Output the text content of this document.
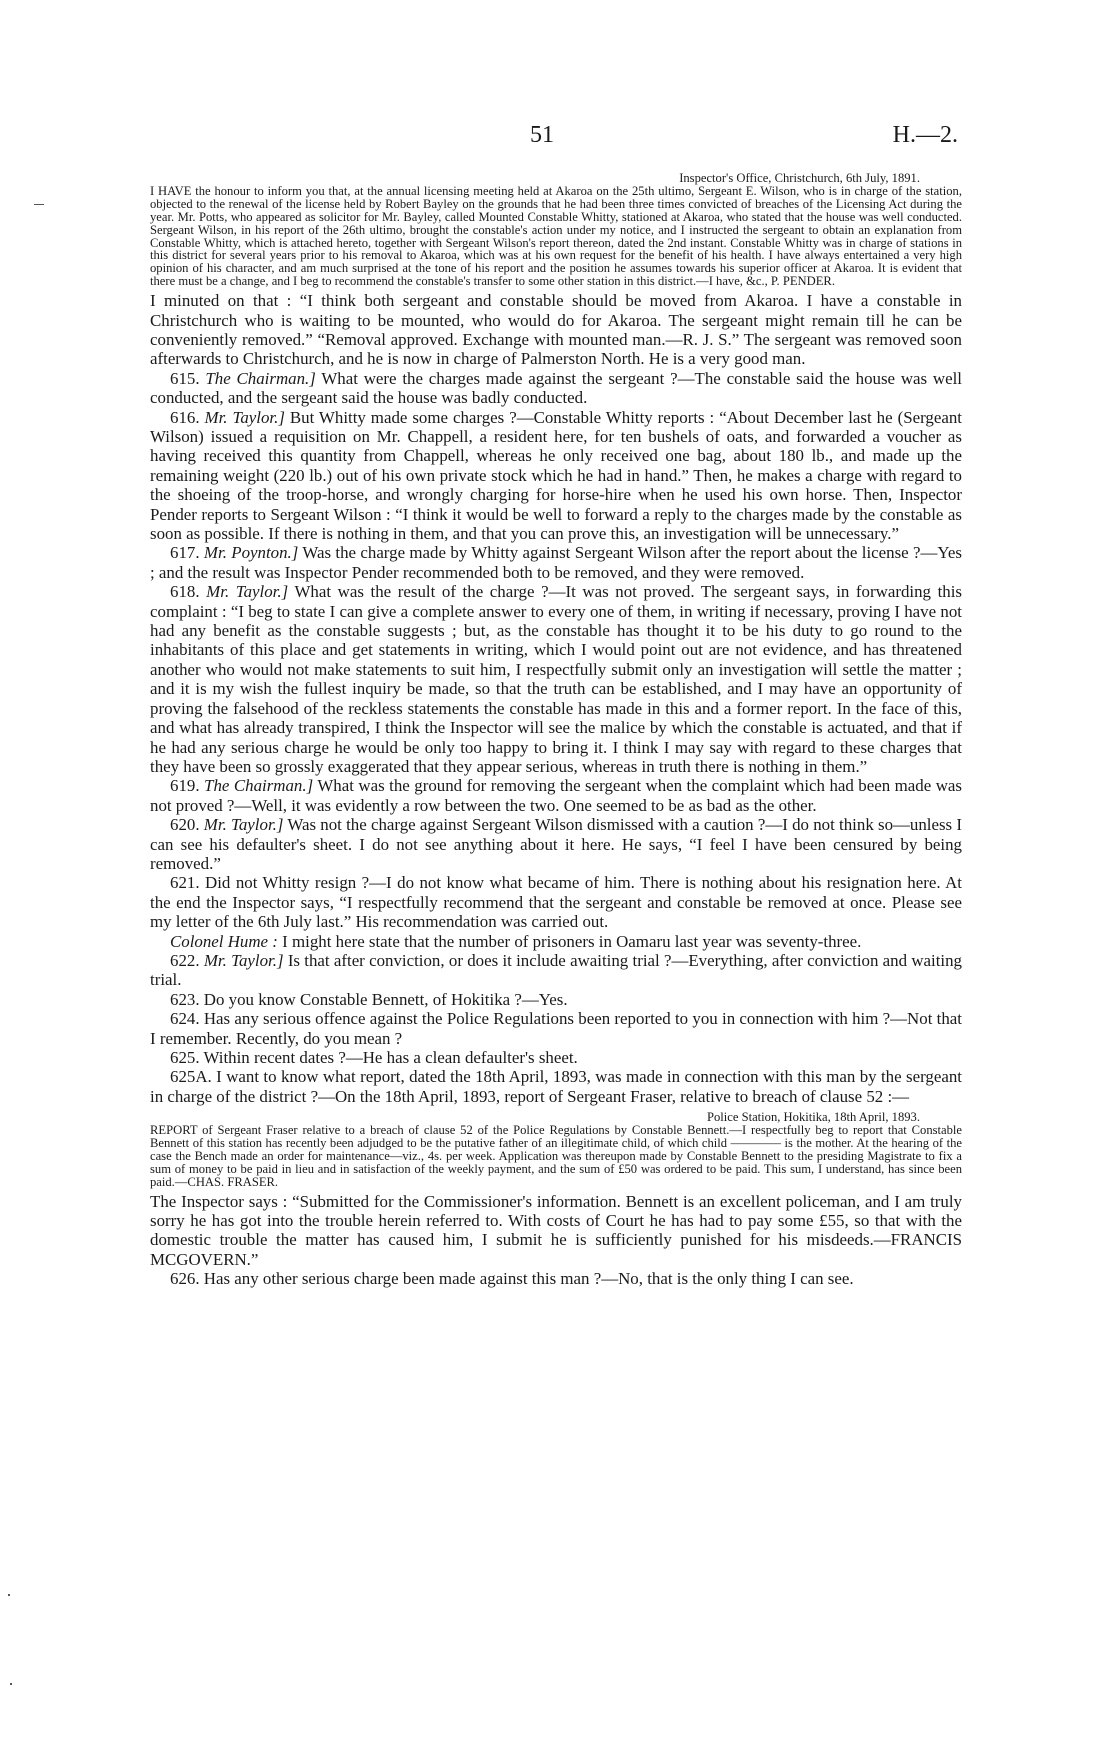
51	H.—2.
Inspector's Office, Christchurch, 6th July, 1891.
I HAVE the honour to inform you that, at the annual licensing meeting held at Akaroa on the 25th ultimo, Sergeant E. Wilson, who is in charge of the station, objected to the renewal of the license held by Robert Bayley on the grounds that he had been three times convicted of breaches of the Licensing Act during the year. Mr. Potts, who appeared as solicitor for Mr. Bayley, called Mounted Constable Whitty, stationed at Akaroa, who stated that the house was well conducted. Sergeant Wilson, in his report of the 26th ultimo, brought the constable's action under my notice, and I instructed the sergeant to obtain an explanation from Constable Whitty, which is attached hereto, together with Sergeant Wilson's report thereon, dated the 2nd instant. Constable Whitty was in charge of stations in this district for several years prior to his removal to Akaroa, which was at his own request for the benefit of his health. I have always entertained a very high opinion of his character, and am much surprised at the tone of his report and the position he assumes towards his superior officer at Akaroa. It is evident that there must be a change, and I beg to recommend the constable's transfer to some other station in this district.—I have, &c., P. PENDER.

I minuted on that : “I think both sergeant and constable should be moved from Akaroa. I have a constable in Christchurch who is waiting to be mounted, who would do for Akaroa. The sergeant might remain till he can be conveniently removed.” “Removal approved. Exchange with mounted man.—R. J. S.” The sergeant was removed soon afterwards to Christchurch, and he is now in charge of Palmerston North. He is a very good man.

615. The Chairman.] What were the charges made against the sergeant ?—The constable said the house was well conducted, and the sergeant said the house was badly conducted.

616. Mr. Taylor.] But Whitty made some charges ?—Constable Whitty reports : “About December last he (Sergeant Wilson) issued a requisition on Mr. Chappell, a resident here, for ten bushels of oats, and forwarded a voucher as having received this quantity from Chappell, whereas he only received one bag, about 180 lb., and made up the remaining weight (220 lb.) out of his own private stock which he had in hand.” Then, he makes a charge with regard to the shoeing of the troop-horse, and wrongly charging for horse-hire when he used his own horse. Then, Inspector Pender reports to Sergeant Wilson : “I think it would be well to forward a reply to the charges made by the constable as soon as possible. If there is nothing in them, and that you can prove this, an investigation will be unnecessary.”

617. Mr. Poynton.] Was the charge made by Whitty against Sergeant Wilson after the report about the license ?—Yes ; and the result was Inspector Pender recommended both to be removed, and they were removed.

618. Mr. Taylor.] What was the result of the charge ?—It was not proved. The sergeant says, in forwarding this complaint : “I beg to state I can give a complete answer to every one of them, in writing if necessary, proving I have not had any benefit as the constable suggests ; but, as the constable has thought it to be his duty to go round to the inhabitants of this place and get statements in writing, which I would point out are not evidence, and has threatened another who would not make statements to suit him, I respectfully submit only an investigation will settle the matter ; and it is my wish the fullest inquiry be made, so that the truth can be established, and I may have an opportunity of proving the falsehood of the reckless statements the constable has made in this and a former report. In the face of this, and what has already transpired, I think the Inspector will see the malice by which the constable is actuated, and that if he had any serious charge he would be only too happy to bring it. I think I may say with regard to these charges that they have been so grossly exaggerated that they appear serious, whereas in truth there is nothing in them.”

619. The Chairman.] What was the ground for removing the sergeant when the complaint which had been made was not proved ?—Well, it was evidently a row between the two. One seemed to be as bad as the other.

620. Mr. Taylor.] Was not the charge against Sergeant Wilson dismissed with a caution ?—I do not think so—unless I can see his defaulter's sheet. I do not see anything about it here. He says, “I feel I have been censured by being removed.”

621. Did not Whitty resign ?—I do not know what became of him. There is nothing about his resignation here. At the end the Inspector says, “I respectfully recommend that the sergeant and constable be removed at once. Please see my letter of the 6th July last.” His recommendation was carried out.

Colonel Hume : I might here state that the number of prisoners in Oamaru last year was seventy-three.

622. Mr. Taylor.] Is that after conviction, or does it include awaiting trial ?—Everything, after conviction and waiting trial.

623. Do you know Constable Bennett, of Hokitika ?—Yes.

624. Has any serious offence against the Police Regulations been reported to you in connection with him ?—Not that I remember. Recently, do you mean ?

625. Within recent dates ?—He has a clean defaulter's sheet.

625A. I want to know what report, dated the 18th April, 1893, was made in connection with this man by the sergeant in charge of the district ?—On the 18th April, 1893, report of Sergeant Fraser, relative to breach of clause 52 :—

Police Station, Hokitika, 18th April, 1893.
REPORT of Sergeant Fraser relative to a breach of clause 52 of the Police Regulations by Constable Bennett.—I respectfully beg to report that Constable Bennett of this station has recently been adjudged to be the putative father of an illegitimate child, of which child ———— is the mother. At the hearing of the case the Bench made an order for maintenance—viz., 4s. per week. Application was thereupon made by Constable Bennett to the presiding Magistrate to fix a sum of money to be paid in lieu and in satisfaction of the weekly payment, and the sum of £50 was ordered to be paid. This sum, I understand, has since been paid.—CHAS. FRASER.

The Inspector says : “Submitted for the Commissioner's information. Bennett is an excellent policeman, and I am truly sorry he has got into the trouble herein referred to. With costs of Court he has had to pay some £55, so that with the domestic trouble the matter has caused him, I submit he is sufficiently punished for his misdeeds.—FRANCIS MCGOVERN.”

626. Has any other serious charge been made against this man ?—No, that is the only thing I can see.
